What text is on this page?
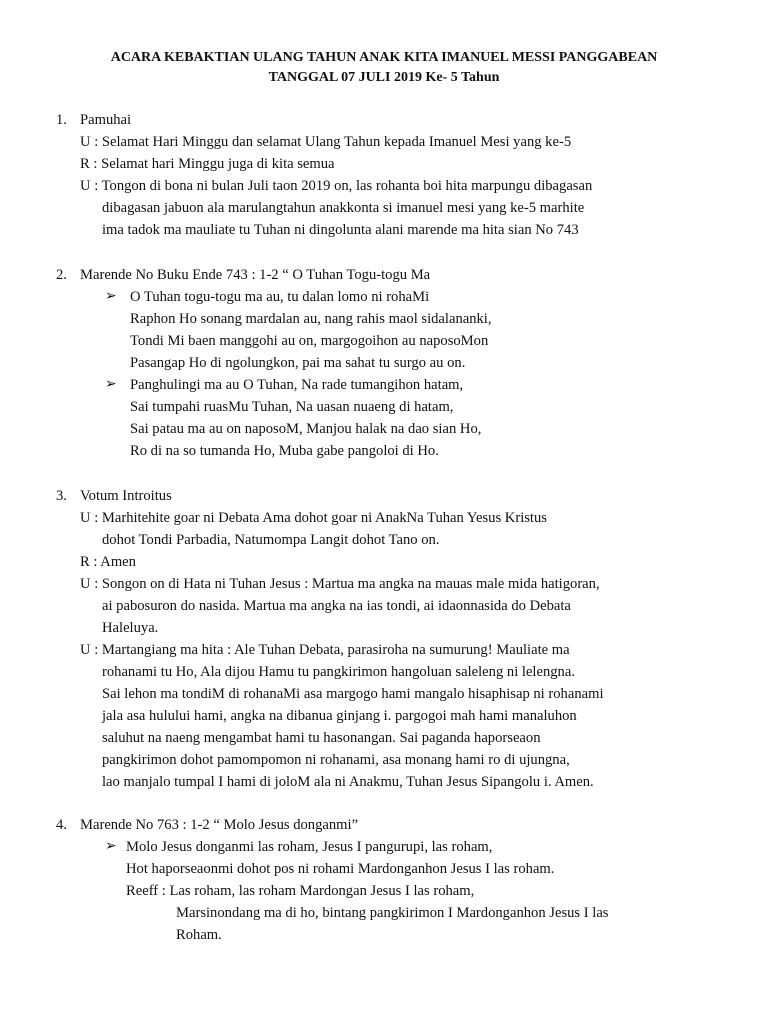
ACARA KEBAKTIAN ULANG TAHUN ANAK KITA IMANUEL MESSI PANGGABEAN
TANGGAL 07 JULI 2019 Ke- 5 Tahun
1. Pamuhai
U : Selamat Hari Minggu dan selamat Ulang Tahun kepada Imanuel Mesi yang ke-5
R : Selamat hari Minggu juga di kita semua
U : Tongon di bona ni bulan Juli taon 2019 on, las rohanta boi hita marpungu dibagasan
dibagasan jabuon ala marulangtahun anakkonta si imanuel mesi yang ke-5 marhite
ima tadok ma mauliate tu Tuhan ni dingolunta alani marende ma hita sian No 743
2. Marende No Buku Ende 743 : 1-2 “ O Tuhan Togu-togu Ma
➢ O Tuhan togu-togu ma au, tu dalan lomo ni rohaMi
Raphon Ho sonang mardalan au, nang rahis maol sidalananki,
Tondi Mi baen manggohi au on, margogoihon au naposoMon
Pasangap Ho di ngolungkon, pai ma sahat tu surgo au on.
➢ Panghulingi ma au O Tuhan, Na rade tumangihon hatam,
Sai tumpahi ruasMu Tuhan, Na uasan nuaeng di hatam,
Sai patau ma au on naposoM, Manjou halak na dao sian Ho,
Ro di na so tumanda Ho, Muba gabe pangoloi di Ho.
3. Votum Introitus
U : Marhitehite goar ni Debata Ama dohot goar ni AnakNa Tuhan Yesus Kristus
dohot Tondi Parbadia, Natumompa Langit dohot Tano on.
R : Amen
U : Songon on di Hata ni Tuhan Jesus : Martua ma angka na mauas male mida hatigoran,
ai pabosuron do nasida. Martua ma angka na ias tondi, ai idaonnasida do Debata
Haleluya.
U : Martangiang ma hita : Ale Tuhan Debata, parasiroha na sumurung! Mauliate ma
rohanami tu Ho, Ala dijou Hamu tu pangkirimon hangoluan saleleng ni lelengna.
Sai lehon ma tondiM di rohanaMi asa margogo hami mangalo hisaphisap ni rohanami
jala asa hulului hami, angka na dibanua ginjang i. pargogoi mah hami manaluhon
saluhut na naeng mengambat hami tu hasonangan. Sai paganda haporseaon
pangkirimon dohot pamompomon ni rohanami, asa monang hami ro di ujungna,
lao manjalo tumpal I hami di joloM ala ni Anakmu, Tuhan Jesus Sipangolu i. Amen.
4. Marende No 763 : 1-2 “ Molo Jesus donganmi”
➢ Molo Jesus donganmi las roham, Jesus I pangurupi, las roham,
Hot haporseaonmi dohot pos ni rohami Mardonganhon Jesus I las roham.
Reeff : Las roham, las roham Mardongan Jesus I las roham,
Marsinondang ma di ho, bintang pangkirimon I Mardonganhon Jesus I las
Roham.
